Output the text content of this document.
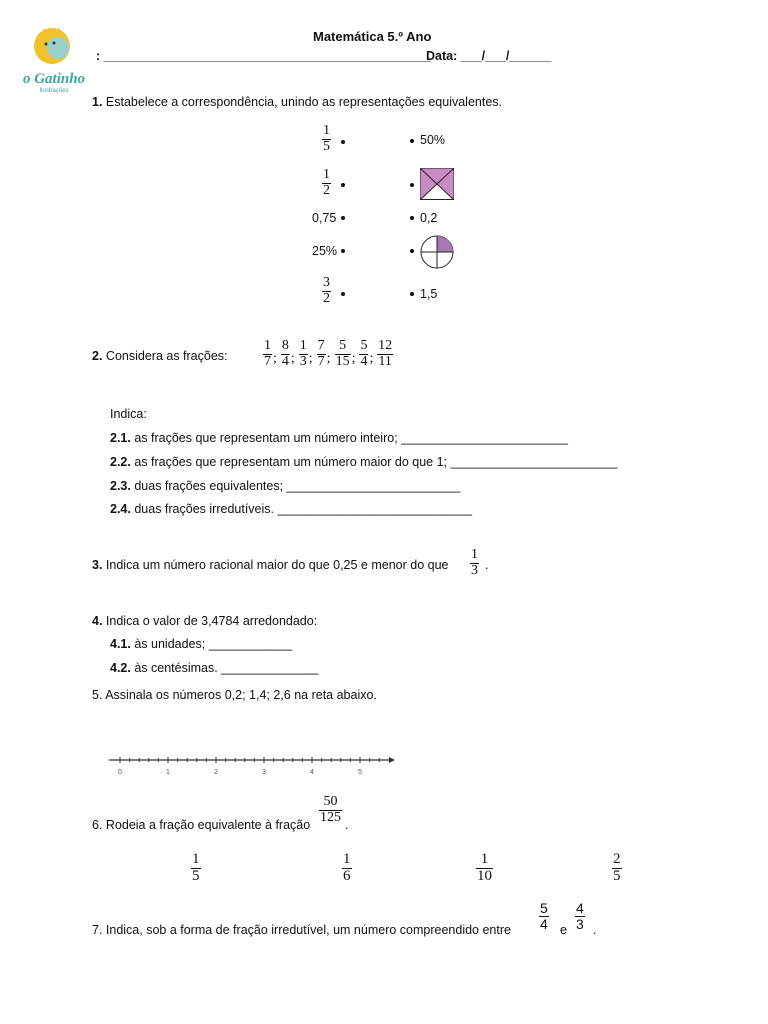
o Gatinho
Ilustrações
Matemática 5.º Ano
: _______________________________________________
Data: ___/___/______
1. Estabelece a correspondência, unindo as representações equivalentes.
$\frac{1}{5}$
$\frac{1}{2}$
0,75
25%
$\frac{3}{2}$
50%
0,2
1,5
2. Considera as frações:
1
7 ;
8
4 ;
1
3 ;
7
7 ;
5
15 ;
5
4 ;
12
11
Indica:
2.1. as frações que representam um número inteiro; ________________________
2.2. as frações que representam um número maior do que 1; ________________________
2.3. duas frações equivalentes; _________________________
2.4. duas frações irredutíveis. ____________________________
3. Indica um número racional maior do que 0,25 e menor do que $\frac{1}{3}$ .
4. Indica o valor de 3,4784 arredondado:
4.1. às unidades; ____________
4.2. às centésimas. ______________
5. Assinala os números 0,2; 1,4; 2,6 na reta abaixo.
0	1	2	3	4	5
6. Rodeia a fração equivalente à fração $\frac{50}{125}$ .
$\frac{1}{5}$	$\frac{1}{6}$	$\frac{1}{10}$	$\frac{2}{5}$
7. Indica, sob a forma de fração irredutível, um número compreendido entre $\frac{5}{4}$ e $\frac{4}{3}$ .
